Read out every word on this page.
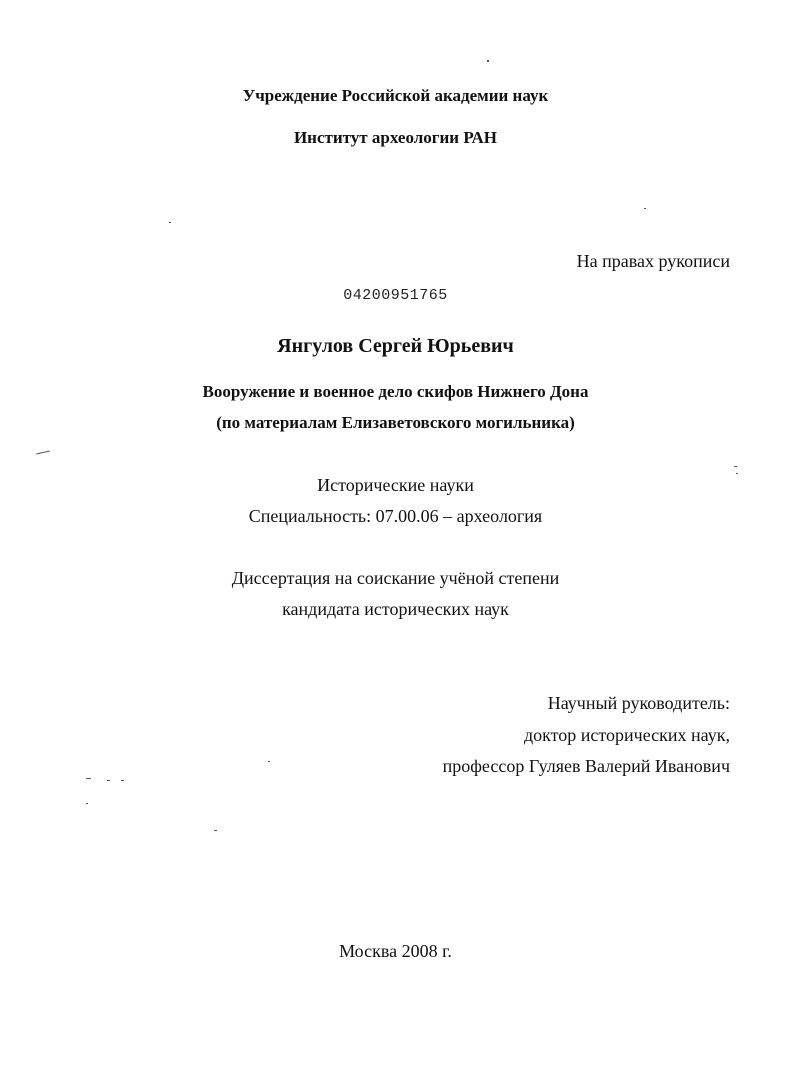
Учреждение Российской академии наук
Институт археологии РАН
На правах рукописи
04200951765
Янгулов Сергей Юрьевич
Вооружение и военное дело скифов Нижнего Дона
(по материалам Елизаветовского могильника)
Исторические науки
Специальность: 07.00.06 – археология
Диссертация на соискание учёной степени
кандидата исторических наук
Научный руководитель:
доктор исторических наук,
профессор Гуляев Валерий Иванович
Москва 2008 г.
